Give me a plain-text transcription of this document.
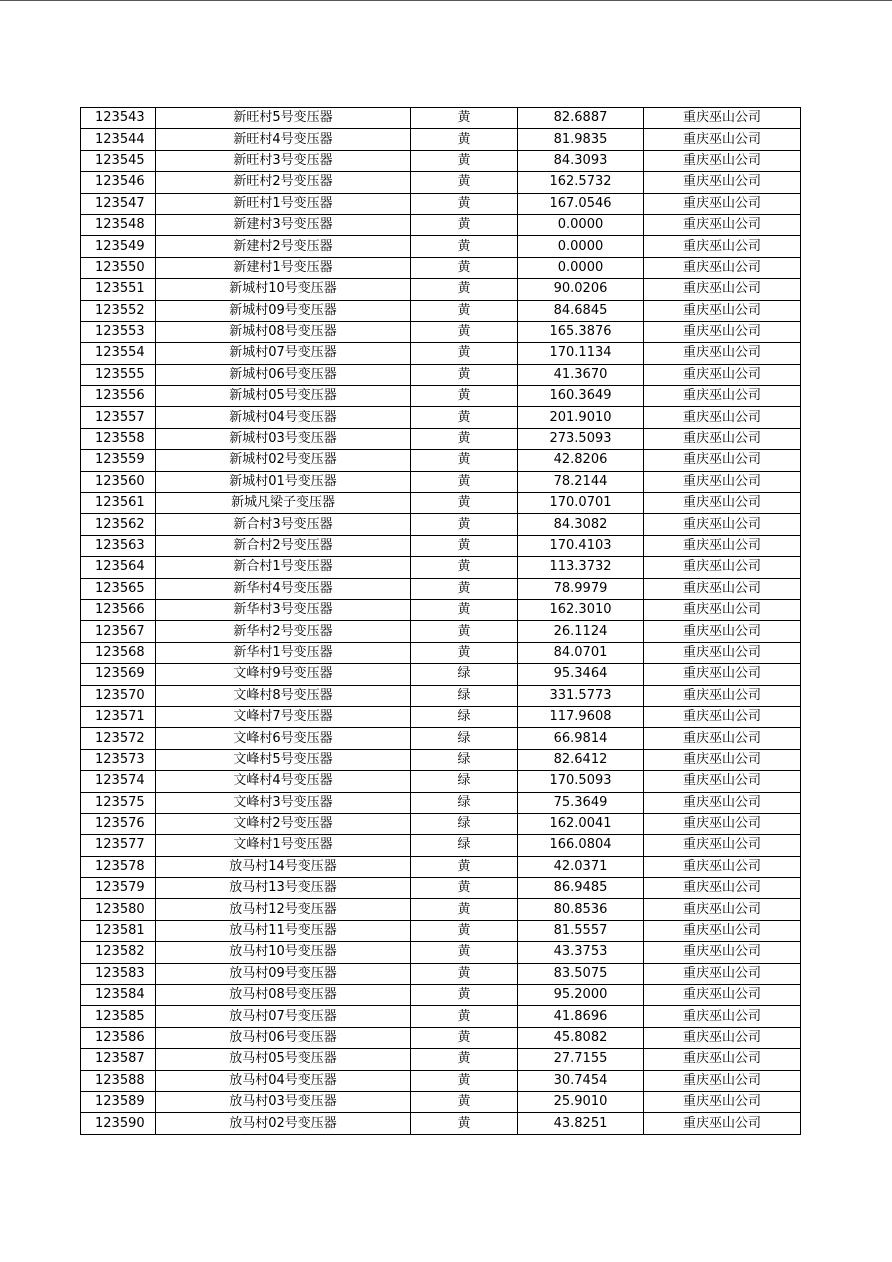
123543	新旺村5号变压器	黄	82.6887	重庆巫山公司
123544	新旺村4号变压器	黄	81.9835	重庆巫山公司
123545	新旺村3号变压器	黄	84.3093	重庆巫山公司
123546	新旺村2号变压器	黄	162.5732	重庆巫山公司
123547	新旺村1号变压器	黄	167.0546	重庆巫山公司
123548	新建村3号变压器	黄	0.0000	重庆巫山公司
123549	新建村2号变压器	黄	0.0000	重庆巫山公司
123550	新建村1号变压器	黄	0.0000	重庆巫山公司
123551	新城村10号变压器	黄	90.0206	重庆巫山公司
123552	新城村09号变压器	黄	84.6845	重庆巫山公司
123553	新城村08号变压器	黄	165.3876	重庆巫山公司
123554	新城村07号变压器	黄	170.1134	重庆巫山公司
123555	新城村06号变压器	黄	41.3670	重庆巫山公司
123556	新城村05号变压器	黄	160.3649	重庆巫山公司
123557	新城村04号变压器	黄	201.9010	重庆巫山公司
123558	新城村03号变压器	黄	273.5093	重庆巫山公司
123559	新城村02号变压器	黄	42.8206	重庆巫山公司
123560	新城村01号变压器	黄	78.2144	重庆巫山公司
123561	新城凡梁子变压器	黄	170.0701	重庆巫山公司
123562	新合村3号变压器	黄	84.3082	重庆巫山公司
123563	新合村2号变压器	黄	170.4103	重庆巫山公司
123564	新合村1号变压器	黄	113.3732	重庆巫山公司
123565	新华村4号变压器	黄	78.9979	重庆巫山公司
123566	新华村3号变压器	黄	162.3010	重庆巫山公司
123567	新华村2号变压器	黄	26.1124	重庆巫山公司
123568	新华村1号变压器	黄	84.0701	重庆巫山公司
123569	文峰村9号变压器	绿	95.3464	重庆巫山公司
123570	文峰村8号变压器	绿	331.5773	重庆巫山公司
123571	文峰村7号变压器	绿	117.9608	重庆巫山公司
123572	文峰村6号变压器	绿	66.9814	重庆巫山公司
123573	文峰村5号变压器	绿	82.6412	重庆巫山公司
123574	文峰村4号变压器	绿	170.5093	重庆巫山公司
123575	文峰村3号变压器	绿	75.3649	重庆巫山公司
123576	文峰村2号变压器	绿	162.0041	重庆巫山公司
123577	文峰村1号变压器	绿	166.0804	重庆巫山公司
123578	放马村14号变压器	黄	42.0371	重庆巫山公司
123579	放马村13号变压器	黄	86.9485	重庆巫山公司
123580	放马村12号变压器	黄	80.8536	重庆巫山公司
123581	放马村11号变压器	黄	81.5557	重庆巫山公司
123582	放马村10号变压器	黄	43.3753	重庆巫山公司
123583	放马村09号变压器	黄	83.5075	重庆巫山公司
123584	放马村08号变压器	黄	95.2000	重庆巫山公司
123585	放马村07号变压器	黄	41.8696	重庆巫山公司
123586	放马村06号变压器	黄	45.8082	重庆巫山公司
123587	放马村05号变压器	黄	27.7155	重庆巫山公司
123588	放马村04号变压器	黄	30.7454	重庆巫山公司
123589	放马村03号变压器	黄	25.9010	重庆巫山公司
123590	放马村02号变压器	黄	43.8251	重庆巫山公司
